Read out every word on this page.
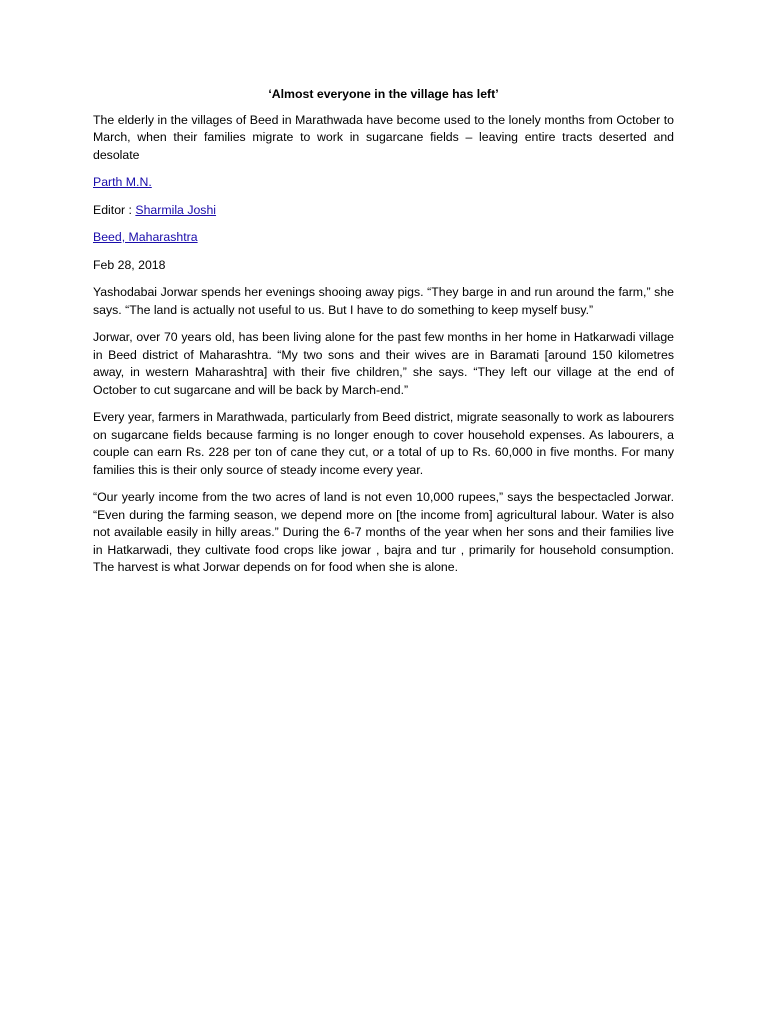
‘Almost everyone in the village has left’

The elderly in the villages of Beed in Marathwada have become used to the lonely months from October to March, when their families migrate to work in sugarcane fields – leaving entire tracts deserted and desolate

Parth M.N.
Editor : Sharmila Joshi
Beed, Maharashtra
Feb 28, 2018

Yashodabai Jorwar spends her evenings shooing away pigs. “They barge in and run around the farm,” she says. “The land is actually not useful to us. But I have to do something to keep myself busy.”

Jorwar, over 70 years old, has been living alone for the past few months in her home in Hatkarwadi village in Beed district of Maharashtra. “My two sons and their wives are in Baramati [around 150 kilometres away, in western Maharashtra] with their five children,” she says. “They left our village at the end of October to cut sugarcane and will be back by March-end.”

Every year, farmers in Marathwada, particularly from Beed district, migrate seasonally to work as labourers on sugarcane fields because farming is no longer enough to cover household expenses. As labourers, a couple can earn Rs. 228 per ton of cane they cut, or a total of up to Rs. 60,000 in five months. For many families this is their only source of steady income every year.

“Our yearly income from the two acres of land is not even 10,000 rupees,” says the bespectacled Jorwar. “Even during the farming season, we depend more on [the income from] agricultural labour. Water is also not available easily in hilly areas.” During the 6-7 months of the year when her sons and their families live in Hatkarwadi, they cultivate food crops like jowar , bajra and tur , primarily for household consumption. The harvest is what Jorwar depends on for food when she is alone.
